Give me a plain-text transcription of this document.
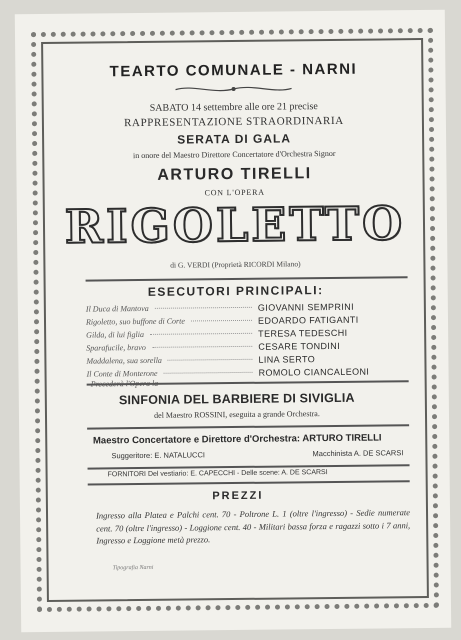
TEARTO COMUNALE - NARNI
SABATO 14 settembre alle ore 21 precise
RAPPRESENTAZIONE STRAORDINARIA
SERATA DI GALA
in onore del Maestro Direttore Concertatore d'Orchestra Signor
ARTURO TIRELLI
CON L'OPERA
RIGOLETTO
di G. VERDI (Proprietà RICORDI Milano)
ESECUTORI PRINCIPALI:
Il Duca di Mantova	GIOVANNI SEMPRINI
Rigoletto, suo buffone di Corte	EDOARDO FATIGANTI
Gilda, di lui figlia	TERESA TEDESCHI
Sparafucile, bravo	CESARE TONDINI
Maddalena, sua sorella	LINA SERTO
Il Conte di Monterone	ROMOLO CIANCALEONI
Precederà l'Opera la
SINFONIA DEL BARBIERE DI SIVIGLIA
del Maestro ROSSINI, eseguita a grande Orchestra.
Maestro Concertatore e Direttore d'Orchestra: ARTURO TIRELLI
Suggeritore: E. NATALUCCI	Macchinista A. DE SCARSI
FORNITORI Del vestiario: E. CAPECCHI - Delle scene: A. DE SCARSI
PREZZI
Ingresso alla Platea e Palchi cent. 70 - Poltrone L. 1 (oltre l'ingresso) - Sedie numerate cent. 70 (oltre l'ingresso) - Loggione cent. 40 - Militari bassa forza e ragazzi sotto i 7 anni, Ingresso e Loggione metà prezzo.
Tipografia Narni
